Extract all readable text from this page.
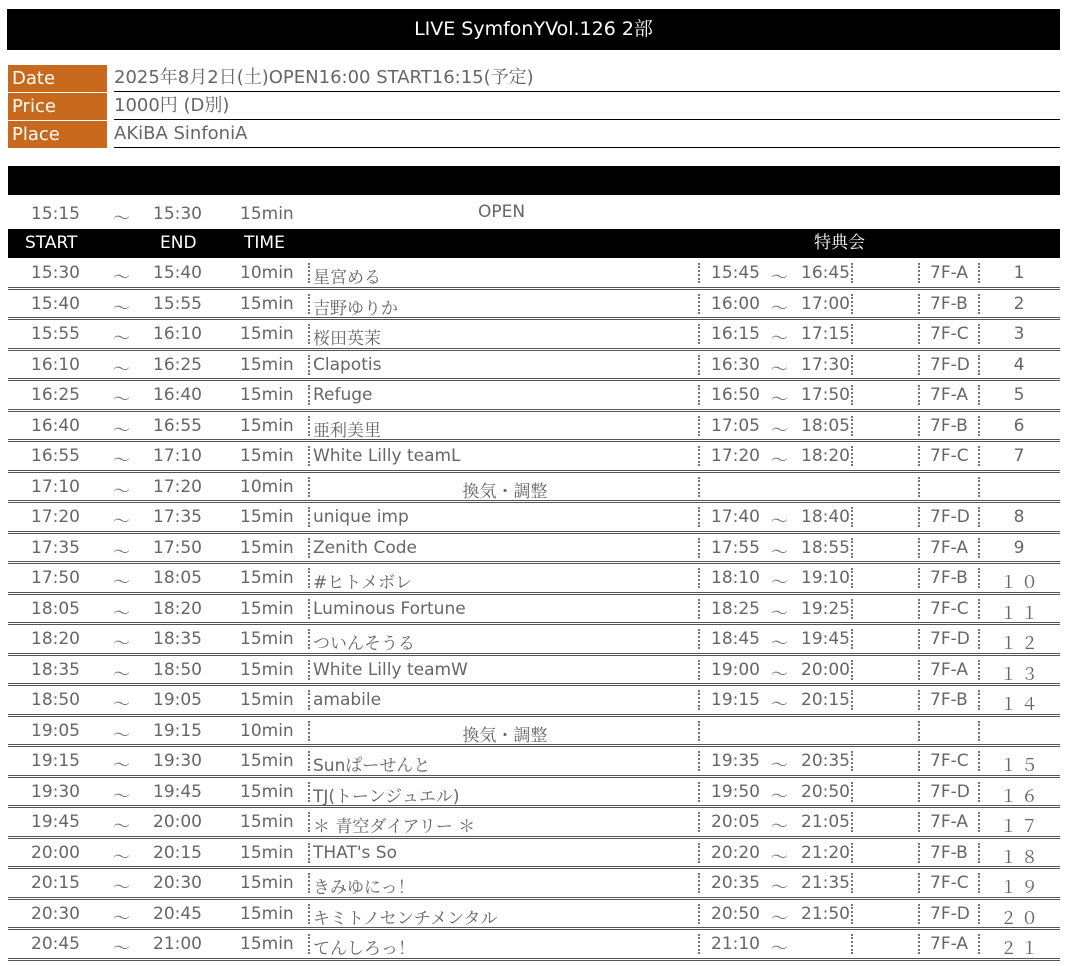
LIVE SymfonYVol.126 2部
Date	2025年8月2日(土)OPEN16:00 START16:15(予定)
Price	1000円 (D別)
Place	AKiBA SinfoniA
15:15 〜 15:30 15min	OPEN
START	END	TIME	特典会
15:30 〜 15:40 10min 星宮める	15:45 〜 16:45	7F-A	1
15:40 〜 15:55 15min 吉野ゆりか	16:00 〜 17:00	7F-B	2
15:55 〜 16:10 15min 桜田英茉	16:15 〜 17:15	7F-C	3
16:10 〜 16:25 15min Clapotis	16:30 〜 17:30	7F-D	4
16:25 〜 16:40 15min Refuge	16:50 〜 17:50	7F-A	5
16:40 〜 16:55 15min 亜利美里	17:05 〜 18:05	7F-B	6
16:55 〜 17:10 15min White Lilly teamL	17:20 〜 18:20	7F-C	7
17:10 〜 17:20 10min	換気・調整
17:20 〜 17:35 15min unique imp	17:40 〜 18:40	7F-D	8
17:35 〜 17:50 15min Zenith Code	17:55 〜 18:55	7F-A	9
17:50 〜 18:05 15min #ヒトメボレ	18:10 〜 19:10	7F-B	１０
18:05 〜 18:20 15min Luminous Fortune	18:25 〜 19:25	7F-C	１１
18:20 〜 18:35 15min ついんそうる	18:45 〜 19:45	7F-D	１２
18:35 〜 18:50 15min White Lilly teamW	19:00 〜 20:00	7F-A	１３
18:50 〜 19:05 15min amabile	19:15 〜 20:15	7F-B	１４
19:05 〜 19:15 10min	換気・調整
19:15 〜 19:30 15min Sunぱーせんと	19:35 〜 20:35	7F-C	１５
19:30 〜 19:45 15min TJ(トーンジュエル)	19:50 〜 20:50	7F-D	１６
19:45 〜 20:00 15min ＊ 青空ダイアリー ＊	20:05 〜 21:05	7F-A	１７
20:00 〜 20:15 15min THAT's So	20:20 〜 21:20	7F-B	１８
20:15 〜 20:30 15min きみゆにっ！	20:35 〜 21:35	7F-C	１９
20:30 〜 20:45 15min キミトノセンチメンタル	20:50 〜 21:50	7F-D	２０
20:45 〜 21:00 15min てんしろっ！	21:10 〜	7F-A	２１
